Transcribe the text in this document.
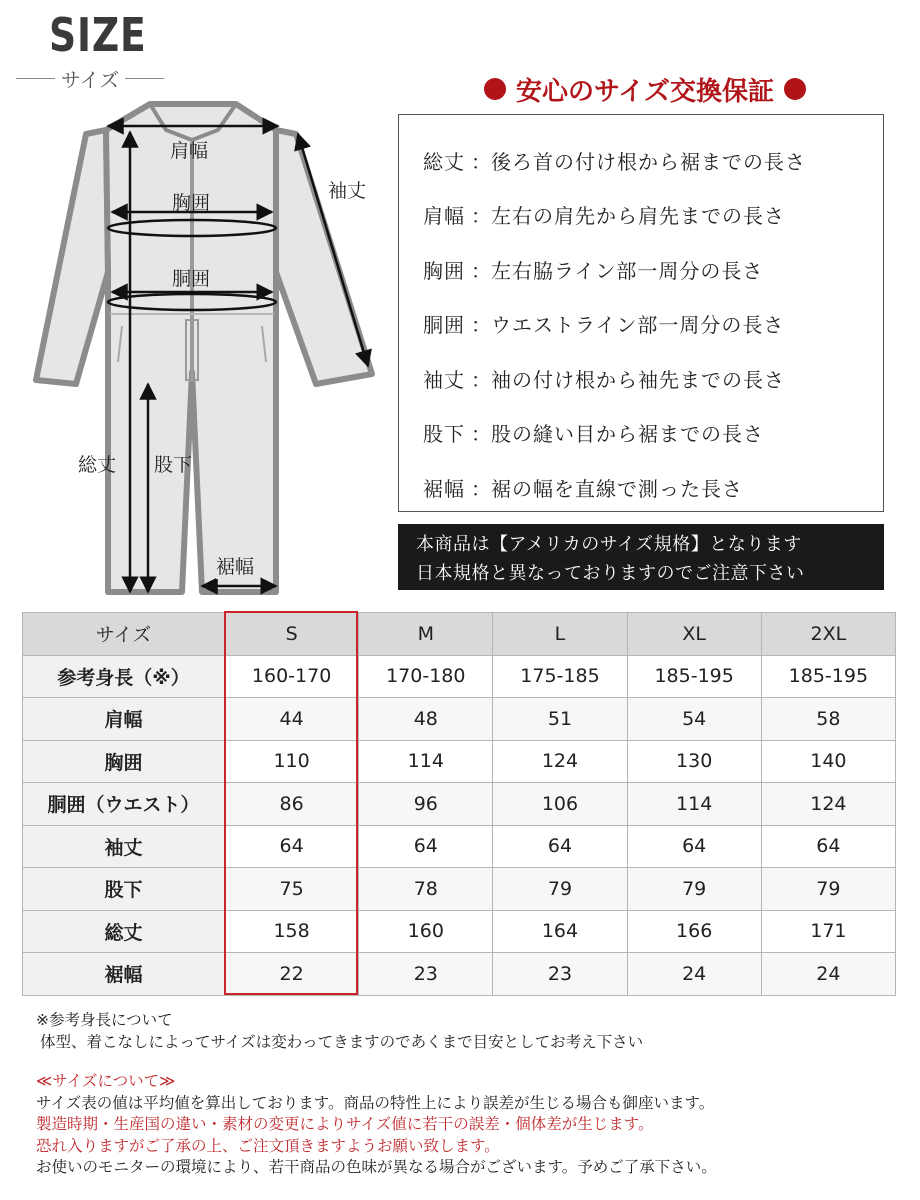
SIZE
サイズ
肩幅
胸囲
胴囲
袖丈
総丈 股下
裾幅
安心のサイズ交換保証
総丈 ： 後ろ首の付け根から裾までの長さ
肩幅 ： 左右の肩先から肩先までの長さ
胸囲 ： 左右脇ライン部一周分の長さ
胴囲 ： ウエストライン部一周分の長さ
袖丈 ： 袖の付け根から袖先までの長さ
股下 ： 股の縫い目から裾までの長さ
裾幅 ： 裾の幅を直線で測った長さ
本商品は【アメリカのサイズ規格】となります
日本規格と異なっておりますのでご注意下さい
サイズ	S	M	L	XL	2XL
参考身長（※）	160-170	170-180	175-185	185-195	185-195
肩幅	44	48	51	54	58
胸囲	110	114	124	130	140
胴囲（ウエスト）	86	96	106	114	124
袖丈	64	64	64	64	64
股下	75	78	79	79	79
総丈	158	160	164	166	171
裾幅	22	23	23	24	24
※参考身長について
体型、着こなしによってサイズは変わってきますのであくまで目安としてお考え下さい
≪サイズについて≫
サイズ表の値は平均値を算出しております。商品の特性上により誤差が生じる場合も御座います。
製造時期・生産国の違い・素材の変更によりサイズ値に若干の誤差・個体差が生じます。
恐れ入りますがご了承の上、ご注文頂きますようお願い致します。
お使いのモニターの環境により、若干商品の色味が異なる場合がございます。予めご了承下さい。
